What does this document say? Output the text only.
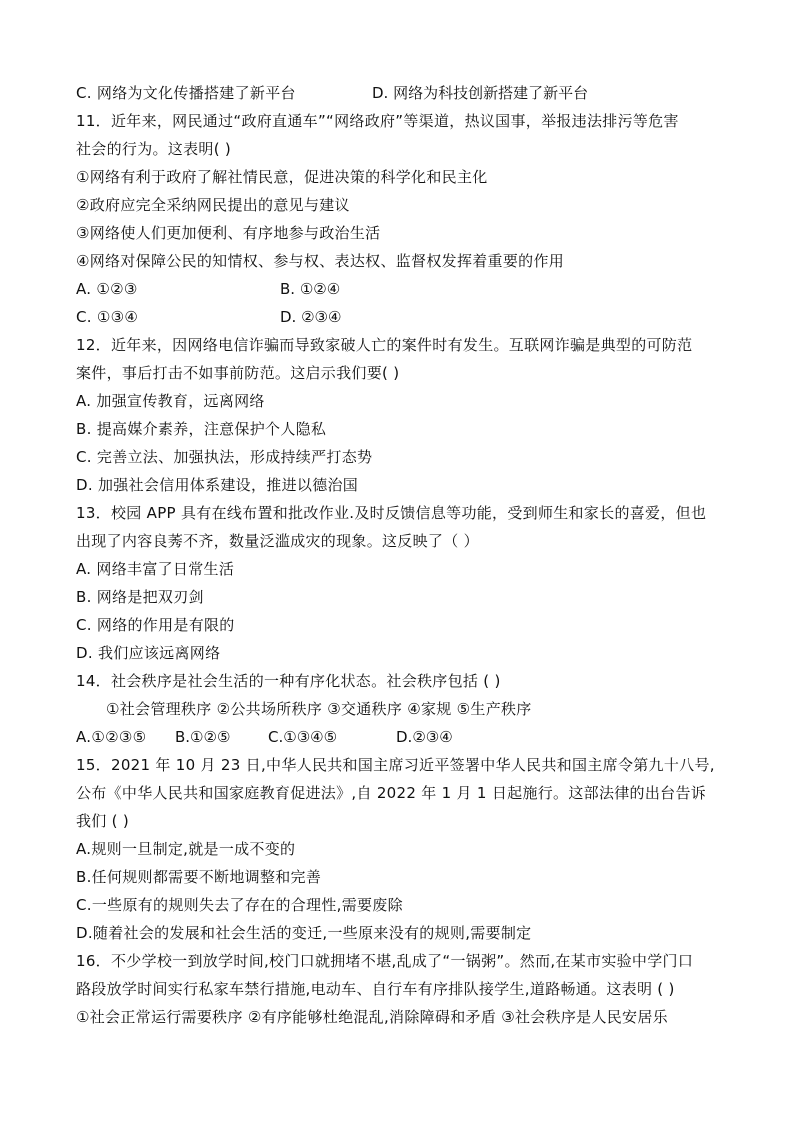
C. 网络为文化传播搭建了新平台	D. 网络为科技创新搭建了新平台
11．近年来，网民通过“政府直通车”“网络政府”等渠道，热议国事，举报违法排污等危害
社会的行为。这表明( )
①网络有利于政府了解社情民意，促进决策的科学化和民主化
②政府应完全采纳网民提出的意见与建议
③网络使人们更加便利、有序地参与政治生活
④网络对保障公民的知情权、参与权、表达权、监督权发挥着重要的作用
A. ①②③	B. ①②④
C. ①③④	D. ②③④
12．近年来，因网络电信诈骗而导致家破人亡的案件时有发生。互联网诈骗是典型的可防范
案件，事后打击不如事前防范。这启示我们要( )
A. 加强宣传教育，远离网络
B. 提高媒介素养，注意保护个人隐私
C. 完善立法、加强执法，形成持续严打态势
D. 加强社会信用体系建设，推进以德治国
13．校园 APP 具有在线布置和批改作业.及时反馈信息等功能，受到师生和家长的喜爱，但也
出现了内容良莠不齐，数量泛滥成灾的现象。这反映了（ ）
A. 网络丰富了日常生活
B. 网络是把双刃剑
C. 网络的作用是有限的
D. 我们应该远离网络
14．社会秩序是社会生活的一种有序化状态。社会秩序包括 ( )
①社会管理秩序 ②公共场所秩序 ③交通秩序 ④家规 ⑤生产秩序
A.①②③⑤ B.①②⑤	C.①③④⑤	D.②③④
15．2021 年 10 月 23 日,中华人民共和国主席习近平签署中华人民共和国主席令第九十八号,
公布《中华人民共和国家庭教育促进法》,自 2022 年 1 月 1 日起施行。这部法律的出台告诉
我们 ( )
A.规则一旦制定,就是一成不变的
B.任何规则都需要不断地调整和完善
C.一些原有的规则失去了存在的合理性,需要废除
D.随着社会的发展和社会生活的变迁,一些原来没有的规则,需要制定
16．不少学校一到放学时间,校门口就拥堵不堪,乱成了“一锅粥”。然而,在某市实验中学门口
路段放学时间实行私家车禁行措施,电动车、自行车有序排队接学生,道路畅通。这表明 ( )
①社会正常运行需要秩序 ②有序能够杜绝混乱,消除障碍和矛盾 ③社会秩序是人民安居乐
